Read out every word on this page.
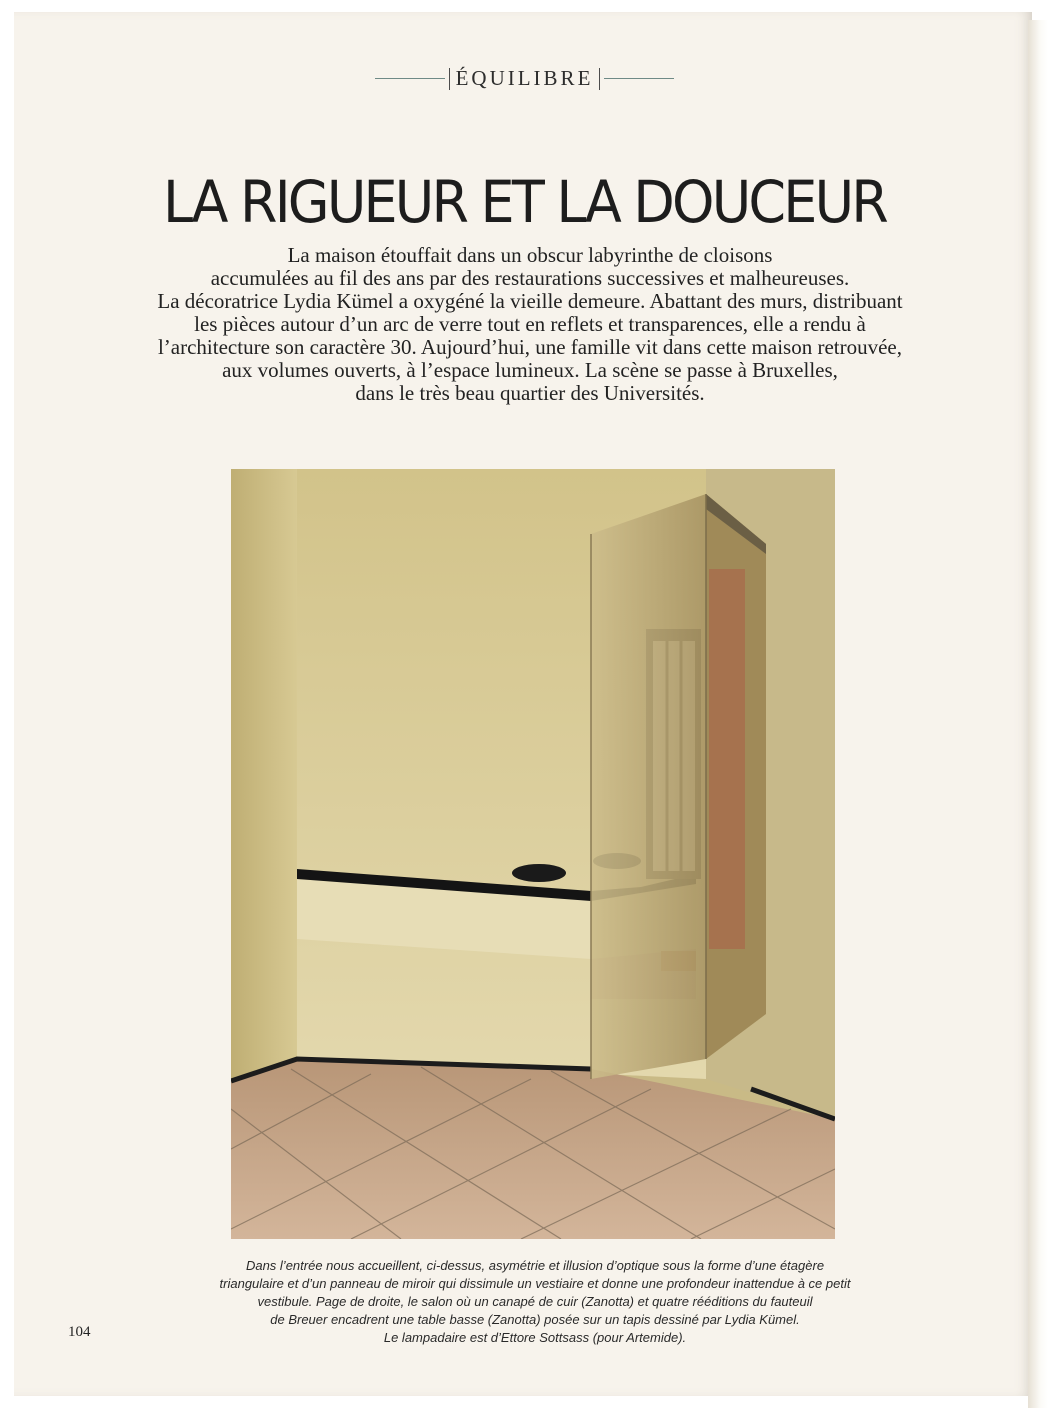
ÉQUILIBRE
LA RIGUEUR ET LA DOUCEUR
La maison étouffait dans un obscur labyrinthe de cloisons
accumulées au fil des ans par des restaurations successives et malheureuses.
La décoratrice Lydia Kümel a oxygéné la vieille demeure. Abattant des murs, distribuant
les pièces autour d’un arc de verre tout en reflets et transparences, elle a rendu à
l’architecture son caractère 30. Aujourd’hui, une famille vit dans cette maison retrouvée,
aux volumes ouverts, à l’espace lumineux. La scène se passe à Bruxelles,
dans le très beau quartier des Universités.
Dans l’entrée nous accueillent, ci-dessus, asymétrie et illusion d’optique sous la forme d’une étagère
triangulaire et d’un panneau de miroir qui dissimule un vestiaire et donne une profondeur inattendue à ce petit
vestibule. Page de droite, le salon où un canapé de cuir (Zanotta) et quatre rééditions du fauteuil
de Breuer encadrent une table basse (Zanotta) posée sur un tapis dessiné par Lydia Kümel.
Le lampadaire est d’Ettore Sottsass (pour Artemide).
104
